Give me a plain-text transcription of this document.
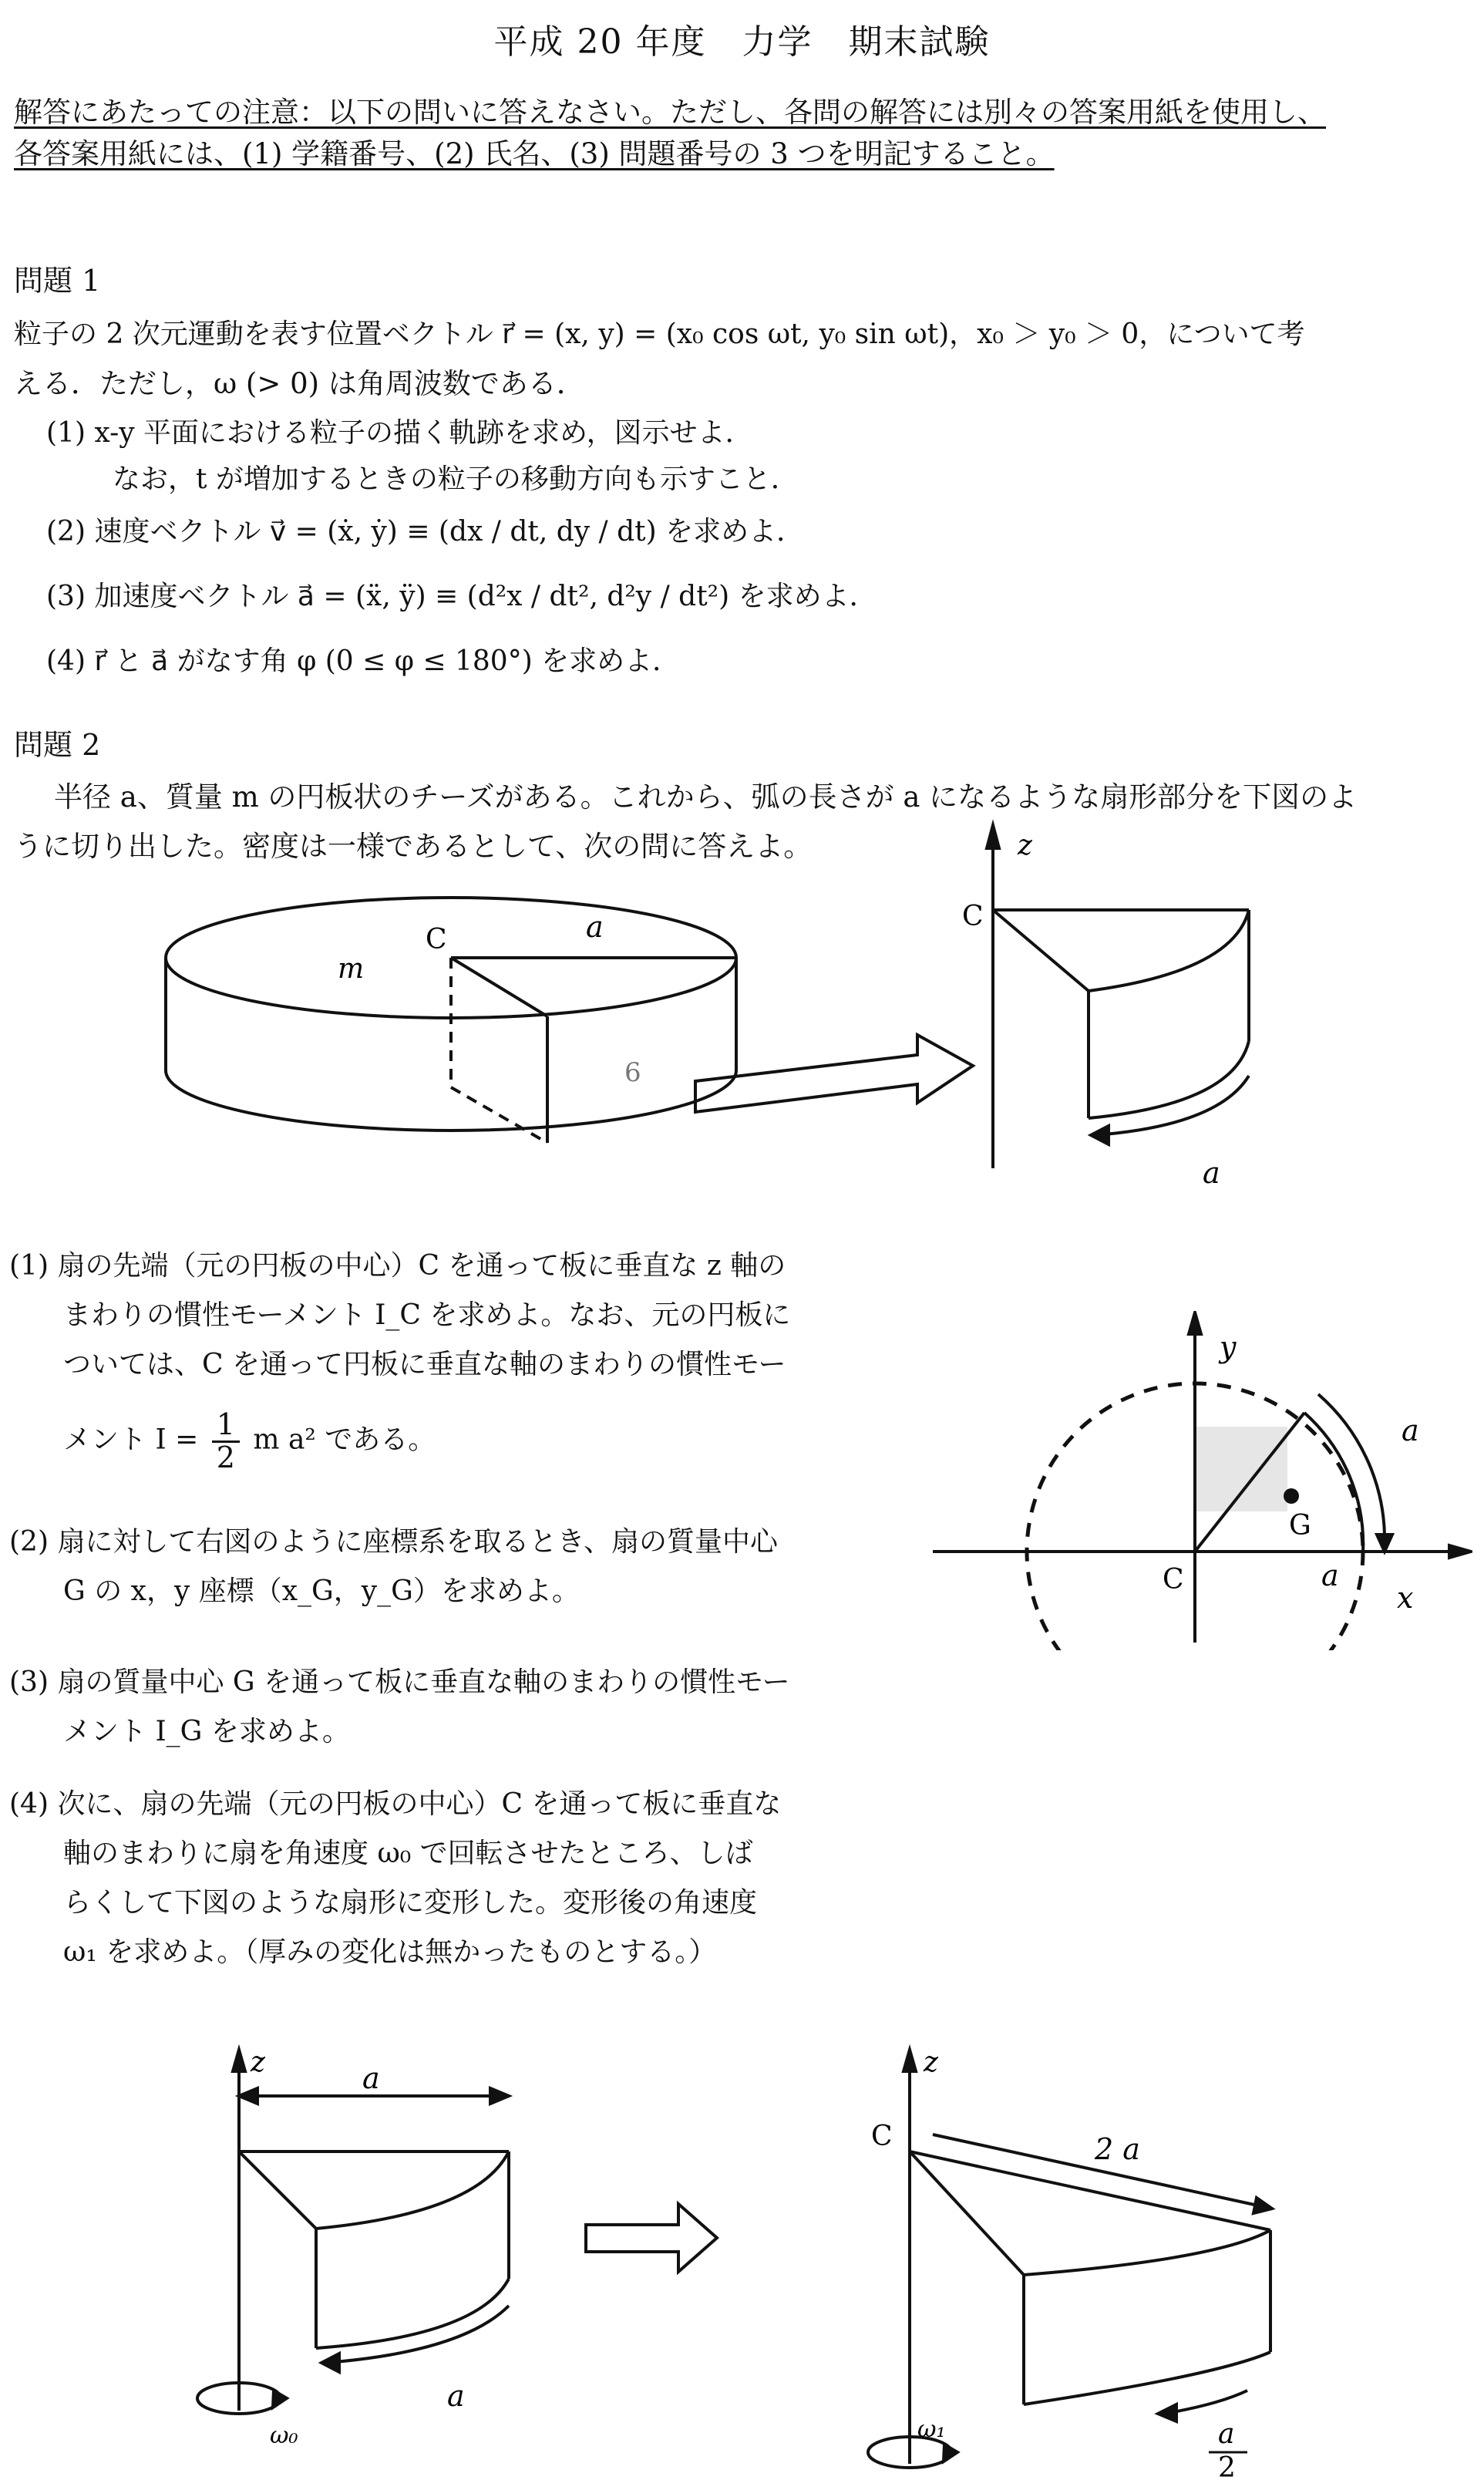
平成 20 年度　力学　期末試験
解答にあたっての注意：以下の問いに答えなさい。ただし、各問の解答には別々の答案用紙を使用し、
各答案用紙には、(1) 学籍番号、(2) 氏名、(3) 問題番号の 3 つを明記すること。
問題 1
粒子の 2 次元運動を表す位置ベクトル r⃗ = (x, y) = (x₀ cos ωt, y₀ sin ωt)，x₀ ＞ y₀ ＞ 0，について考
える．ただし，ω (> 0) は角周波数である．
(1) x-y 平面における粒子の描く軌跡を求め，図示せよ．
なお，t が増加するときの粒子の移動方向も示すこと．
(2) 速度ベクトル v⃗ = (ẋ, ẏ) ≡ (dx / dt, dy / dt) を求めよ．
(3) 加速度ベクトル a⃗ = (ẍ, ÿ) ≡ (d²x / dt², d²y / dt²) を求めよ．
(4) r⃗ と a⃗ がなす角 φ (0 ≤ φ ≤ 180°) を求めよ．
問題 2
半径 a、質量 m の円板状のチーズがある。これから、弧の長さが a になるような扇形部分を下図のよ
うに切り出した。密度は一様であるとして、次の問に答えよ。
m
C	a
6
z
C
a
(1) 扇の先端（元の円板の中心）C を通って板に垂直な z 軸の
まわりの慣性モーメント I_C を求めよ。なお、元の円板に
ついては、C を通って円板に垂直な軸のまわりの慣性モー
メント $I = \frac{1}{2}$ m a² である。
(2) 扇に対して右図のように座標系を取るとき、扇の質量中心
G の x，y 座標（x_G，y_G）を求めよ。
(3) 扇の質量中心 G を通って板に垂直な軸のまわりの慣性モー
メント I_G を求めよ。
(4) 次に、扇の先端（元の円板の中心）C を通って板に垂直な
軸のまわりに扇を角速度 ω₀ で回転させたところ、しば
らくして下図のような扇形に変形した。変形後の角速度
ω₁ を求めよ。（厚みの変化は無かったものとする。）
y
a
G
C	a
x
z	a
a
ω₀
z
C	2 a
ω₁	a
2
